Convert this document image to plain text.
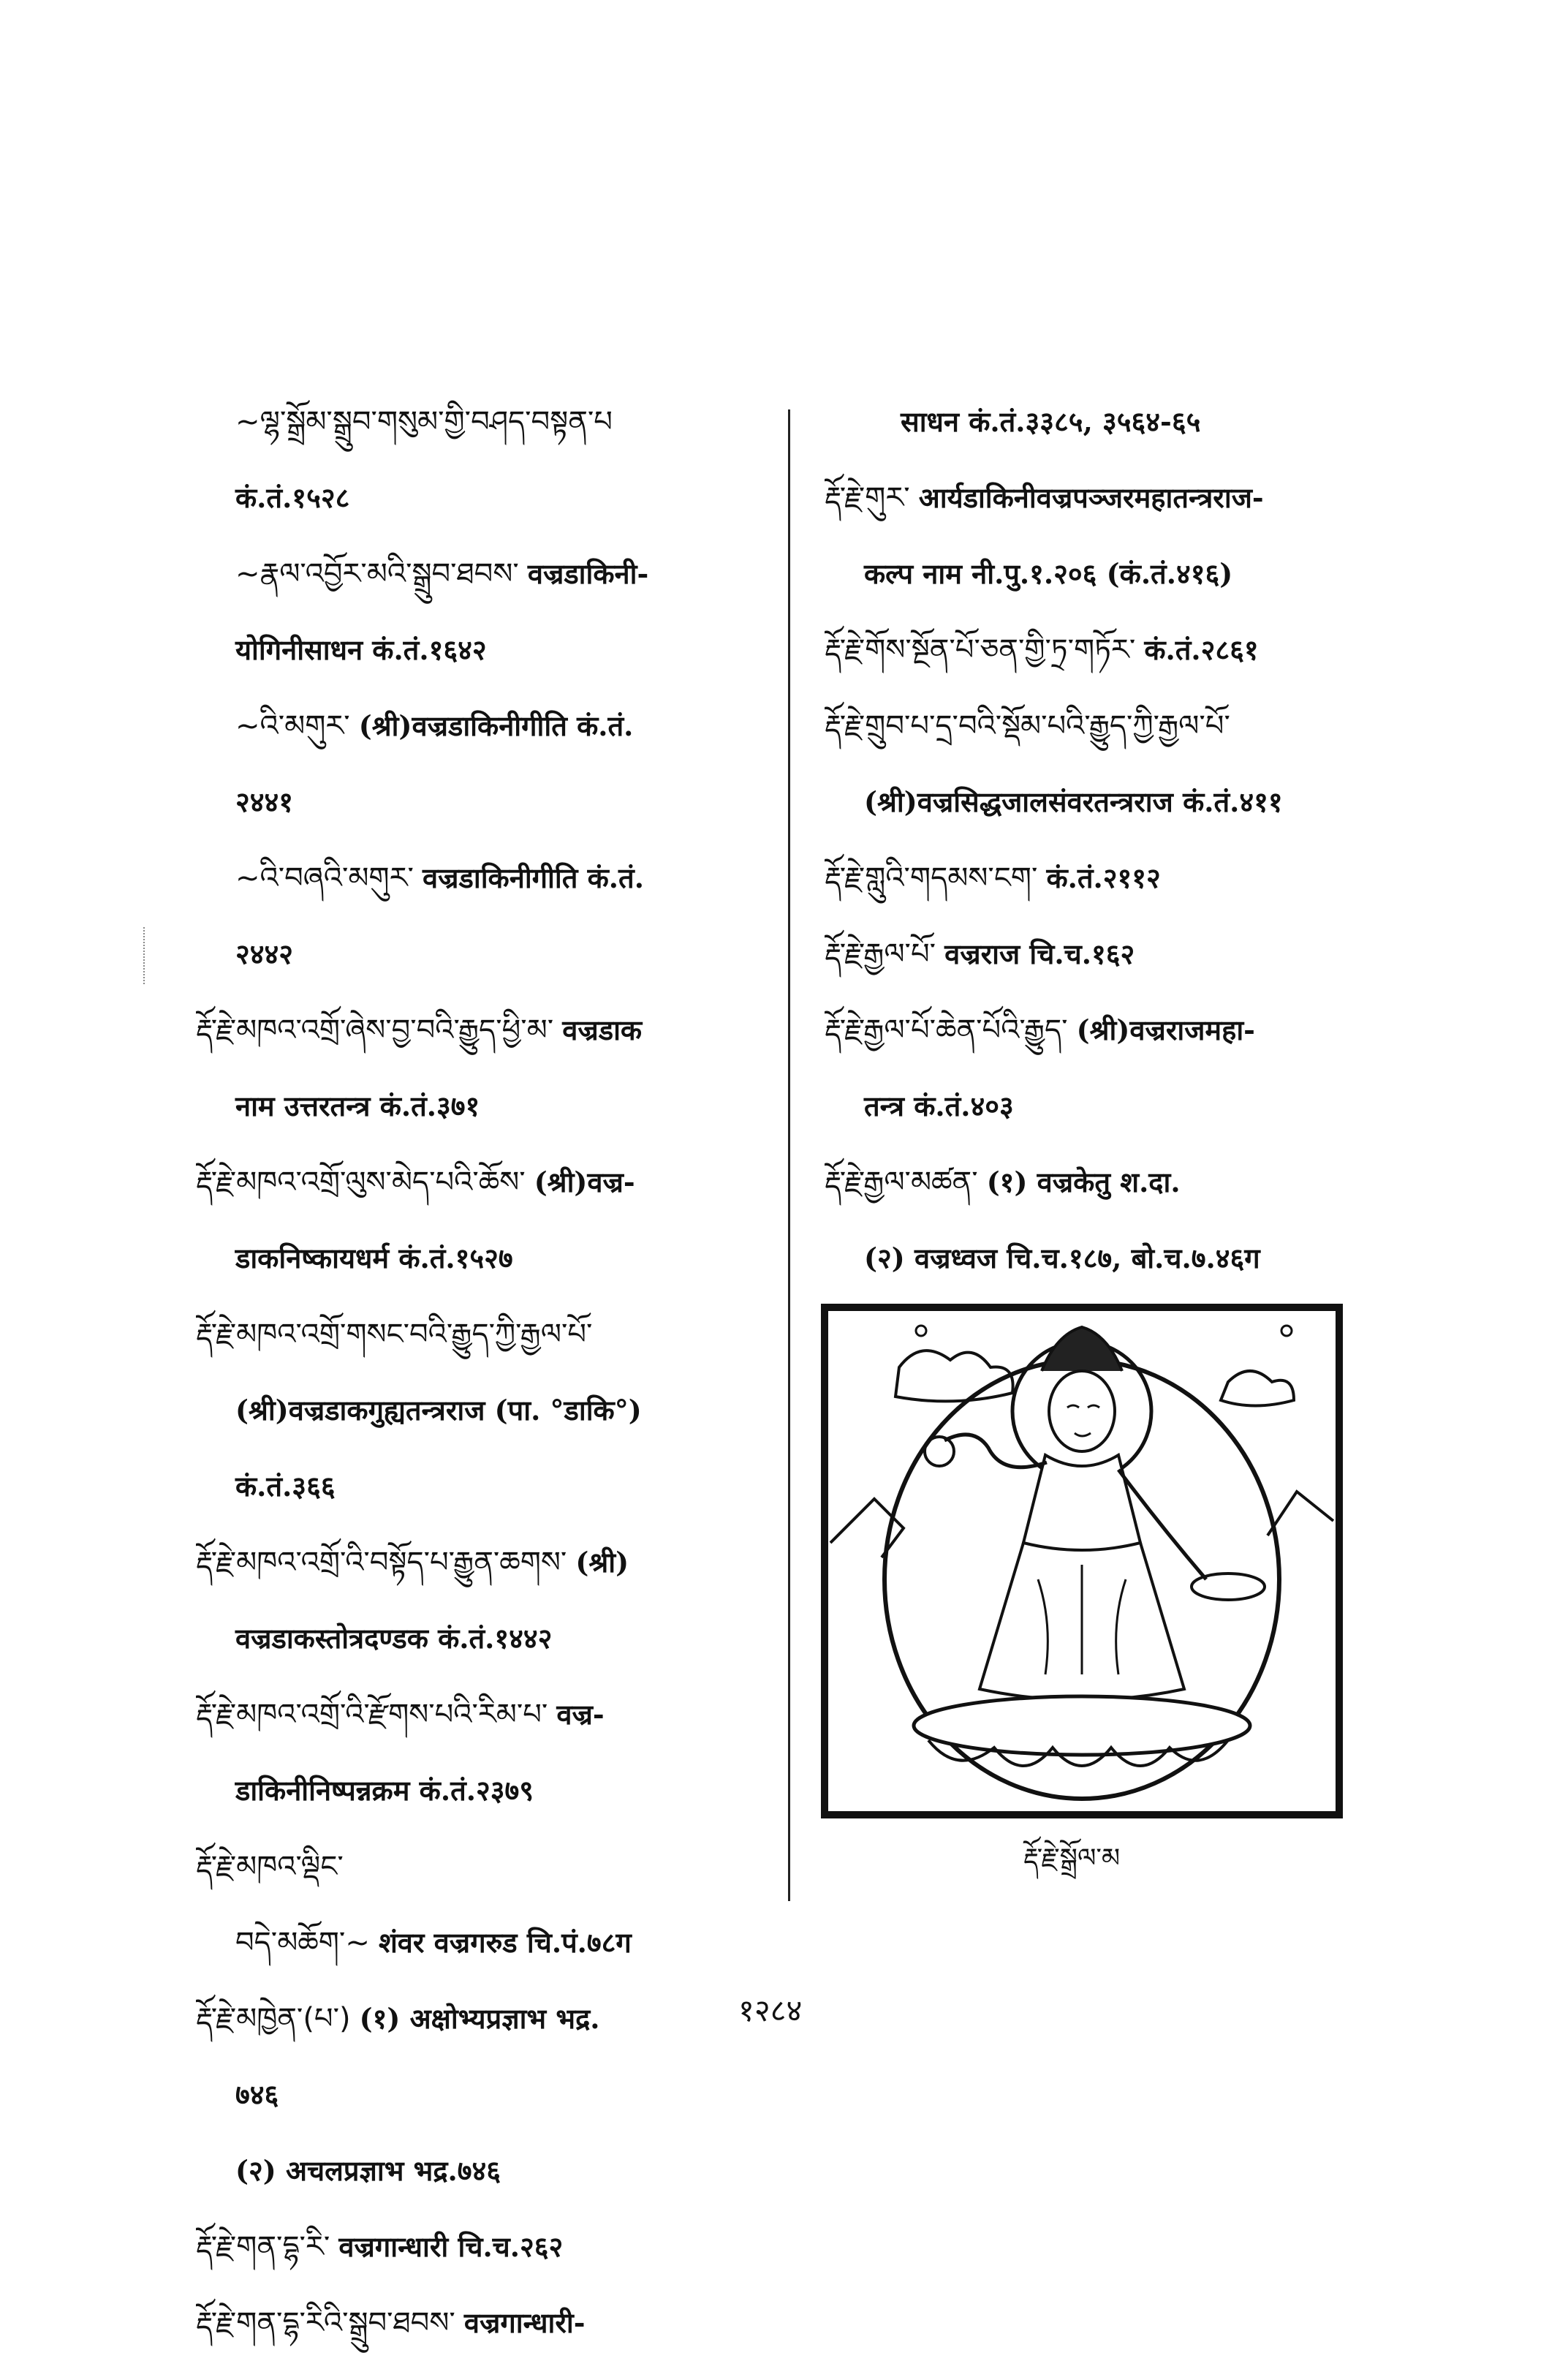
~ལྷ་སྒྲོམ་སྒྲུབ་གསུམ་གྱི་བཤད་བསྟན་པ
कं.तं.१५२८
~རྣལ་འབྱོར་མའི་སྒྲུབ་ཐབས་ वज्रडाकिनी-
योगिनीसाधन कं.तं.१६४२
~འི་མགུར་ (श्री)वज्रडाकिनीगीति कं.तं.
२४४१
~འི་བཞའི་མགུར་ वज्रडाकिनीगीति कं.तं.
२४४२
རྡོ་རྗེ་མཁའ་འགྲོ་ཞེས་བྱ་བའི་རྒྱུད་ཕྱི་མ་ वज्रडाक
नाम उत्तरतन्त्र कं.तं.३७१
རྡོ་རྗེ་མཁའ་འགྲོ་ལུས་མེད་པའི་ཆོས་ (श्री)वज्र-
डाकनिष्कायधर्म कं.तं.१५२७
རྡོ་རྗེ་མཁའ་འགྲོ་གསང་བའི་རྒྱུད་ཀྱི་རྒྱལ་པོ་
(श्री)वज्रडाकगुह्यतन्त्रराज (पा. °डाकि°)
कं.तं.३६६
རྡོ་རྗེ་མཁའ་འགྲོ་འི་བསྟོད་པ་རྒྱུན་ཆགས་ (श्री)
वज्रडाकस्तोत्रदण्डक कं.तं.१४४२
རྡོ་རྗེ་མཁའ་འགྲོ་འི་རྫོགས་པའི་རིམ་པ་ वज्र-
डाकिनीनिष्पन्नक्रम कं.तं.२३७९
རྡོ་རྗེ་མཁའ་ལྡིང་
བདེ་མཆོག་~ शंवर वज्रगरुड चि.पं.७८ग
རྡོ་རྗེ་མཁྱེན་(པ་) (१) अक्षोभ्यप्रज्ञाभ भद्र.
७४६
(२) अचलप्रज्ञाभ भद्र.७४६
རྡོ་རྗེ་གན་དྷ་རི་ वज्रगान्धारी चि.च.२६२
རྡོ་རྗེ་གན་དྷ་རིའི་སྒྲུབ་ཐབས་ वज्रगान्धारी-
साधन कं.तं.३३८५, ३५६४-६५
རྡོ་རྗེ་གུར་ आर्यडाकिनीवज्रपञ्जरमहातन्त्रराज-
कल्प नाम नी.पु.१.२०६ (कं.तं.४१६)
རྡོ་རྗེ་གོས་སྔོན་པོ་ཅན་གྱི་ཏྲ་གཏོར་ कं.तं.२८६१
རྡོ་རྗེ་གྲུབ་པ་དྲ་བའི་སྡོམ་པའི་རྒྱུད་ཀྱི་རྒྱལ་པོ་
(श्री)वज्रसिद्धजालसंवरतन्त्रराज कं.तं.४११
རྡོ་རྗེ་གླུའི་གདམས་ངག་ कं.तं.२११२
རྡོ་རྗེ་རྒྱལ་པོ་ वज्रराज चि.च.१६२
རྡོ་རྗེ་རྒྱལ་པོ་ཆེན་པོའི་རྒྱུད་ (श्री)वज्रराजमहा-
तन्त्र कं.तं.४०३
རྡོ་རྗེ་རྒྱལ་མཚན་ (१) वज्रकेतु श.दा.
(२) वज्रध्वज चि.च.१८७, बो.च.७.४६ग
རྡོ་རྗེ་སྒྲོལ་མ
१२८४
